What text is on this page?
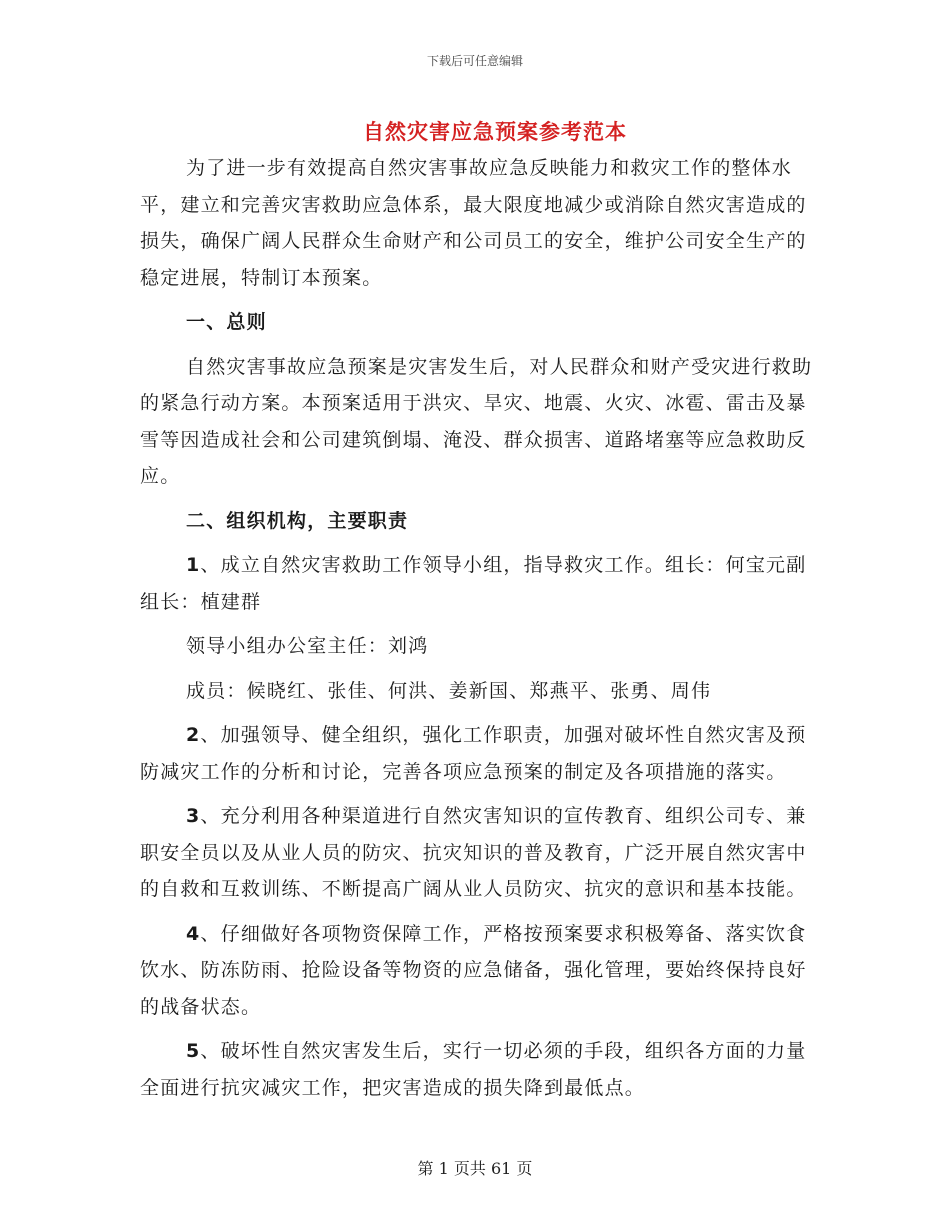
下载后可任意编辑
自然灾害应急预案参考范本

为了进一步有效提高自然灾害事故应急反映能力和救灾工作的整体水平，建立和完善灾害救助应急体系，最大限度地减少或消除自然灾害造成的损失，确保广阔人民群众生命财产和公司员工的安全，维护公司安全生产的稳定进展，特制订本预案。

一、总则

自然灾害事故应急预案是灾害发生后，对人民群众和财产受灾进行救助的紧急行动方案。本预案适用于洪灾、旱灾、地震、火灾、冰雹、雷击及暴雪等因造成社会和公司建筑倒塌、淹没、群众损害、道路堵塞等应急救助反应。

二、组织机构，主要职责

1、成立自然灾害救助工作领导小组，指导救灾工作。组长：何宝元副组长：植建群

领导小组办公室主任：刘鸿

成员：候晓红、张佳、何洪、姜新国、郑燕平、张勇、周伟

2、加强领导、健全组织，强化工作职责，加强对破坏性自然灾害及预防减灾工作的分析和讨论，完善各项应急预案的制定及各项措施的落实。

3、充分利用各种渠道进行自然灾害知识的宣传教育、组织公司专、兼职安全员以及从业人员的防灾、抗灾知识的普及教育，广泛开展自然灾害中的自救和互救训练、不断提高广阔从业人员防灾、抗灾的意识和基本技能。

4、仔细做好各项物资保障工作，严格按预案要求积极筹备、落实饮食饮水、防冻防雨、抢险设备等物资的应急储备，强化管理，要始终保持良好的战备状态。

5、破坏性自然灾害发生后，实行一切必须的手段，组织各方面的力量全面进行抗灾减灾工作，把灾害造成的损失降到最低点。

第 1 页共 61 页
